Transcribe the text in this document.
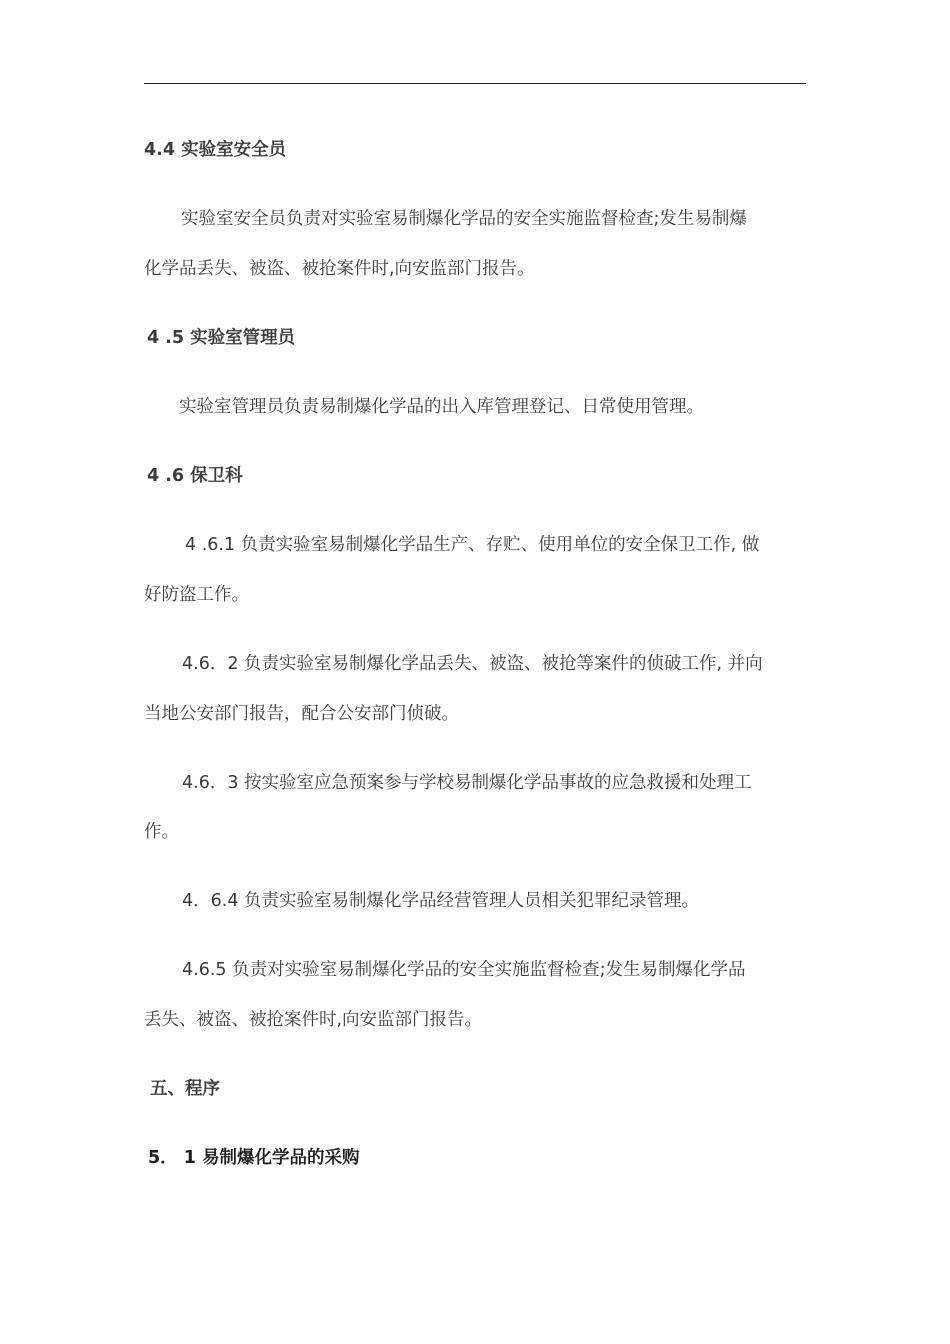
4.4 实验室安全员
实验室安全员负责对实验室易制爆化学品的安全实施监督检查;发生易制爆
化学品丢失、被盗、被抢案件时,向安监部门报告。
4 .5 实验室管理员
实验室管理员负责易制爆化学品的出入库管理登记、日常使用管理。
4 .6 保卫科
4 .6.1 负责实验室易制爆化学品生产、存贮、使用单位的安全保卫工作, 做
好防盗工作。
4.6．2 负责实验室易制爆化学品丢失、被盗、被抢等案件的侦破工作, 并向
当地公安部门报告，配合公安部门侦破。
4.6．3 按实验室应急预案参与学校易制爆化学品事故的应急救援和处理工
作。
4．6.4 负责实验室易制爆化学品经营管理人员相关犯罪纪录管理。
4.6.5 负责对实验室易制爆化学品的安全实施监督检查;发生易制爆化学品
丢失、被盗、被抢案件时,向安监部门报告。
五、程序
5． 1 易制爆化学品的采购
